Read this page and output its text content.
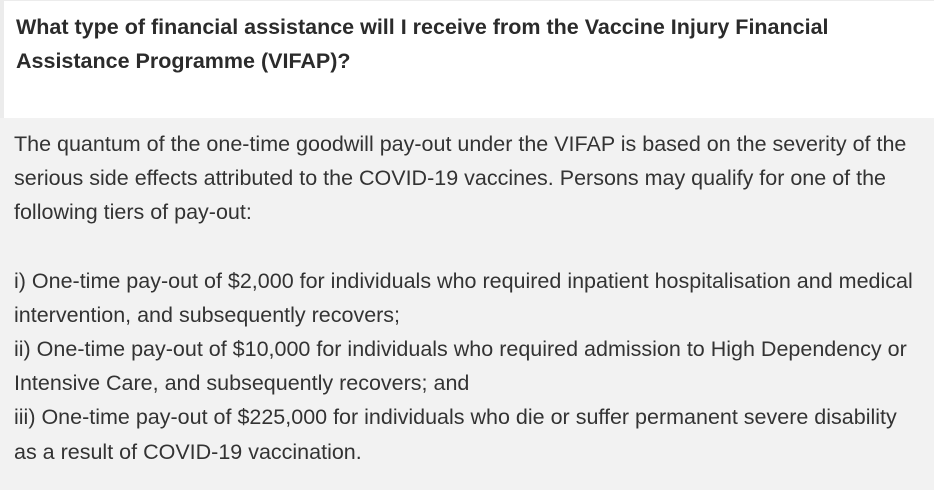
What type of financial assistance will I receive from the Vaccine Injury Financial Assistance Programme (VIFAP)?

The quantum of the one-time goodwill pay-out under the VIFAP is based on the severity of the serious side effects attributed to the COVID-19 vaccines. Persons may qualify for one of the following tiers of pay-out:

i) One-time pay-out of $2,000 for individuals who required inpatient hospitalisation and medical intervention, and subsequently recovers;

ii) One-time pay-out of $10,000 for individuals who required admission to High Dependency or Intensive Care, and subsequently recovers; and

iii) One-time pay-out of $225,000 for individuals who die or suffer permanent severe disability as a result of COVID-19 vaccination.
